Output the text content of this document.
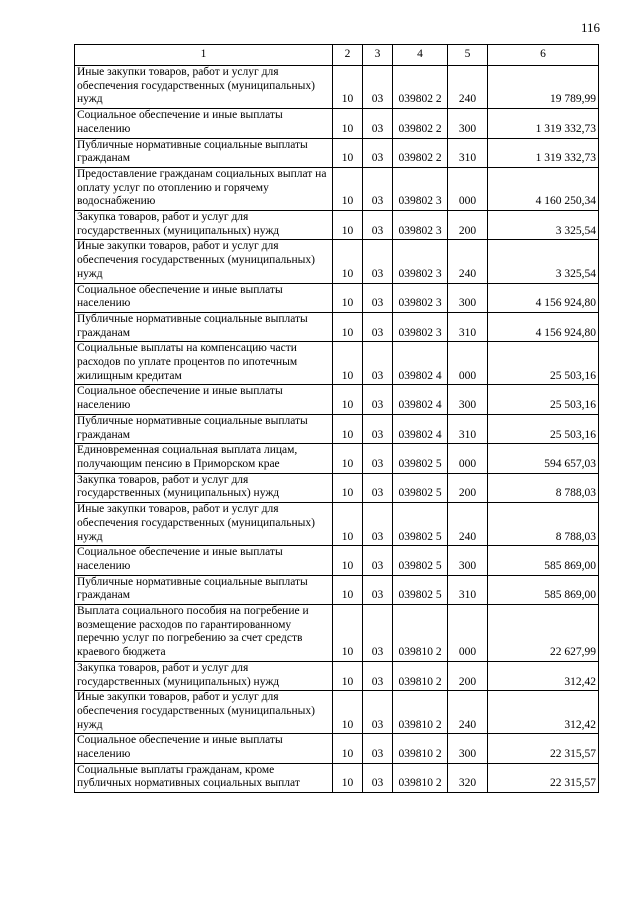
116
1	2	3	4	5	6
Иные закупки товаров, работ и услуг для обеспечения государственных (муниципальных) нужд	10	03	039802 2	240	19 789,99
Социальное обеспечение и иные выплаты населению	10	03	039802 2	300	1 319 332,73
Публичные нормативные социальные выплаты гражданам	10	03	039802 2	310	1 319 332,73
Предоставление гражданам социальных выплат на оплату услуг по отоплению и горячему водоснабжению	10	03	039802 3	000	4 160 250,34
Закупка товаров, работ и услуг для государственных (муниципальных) нужд	10	03	039802 3	200	3 325,54
Иные закупки товаров, работ и услуг для обеспечения государственных (муниципальных) нужд	10	03	039802 3	240	3 325,54
Социальное обеспечение и иные выплаты населению	10	03	039802 3	300	4 156 924,80
Публичные нормативные социальные выплаты гражданам	10	03	039802 3	310	4 156 924,80
Социальные выплаты на компенсацию части расходов по уплате процентов по ипотечным жилищным кредитам	10	03	039802 4	000	25 503,16
Социальное обеспечение и иные выплаты населению	10	03	039802 4	300	25 503,16
Публичные нормативные социальные выплаты гражданам	10	03	039802 4	310	25 503,16
Единовременная социальная выплата лицам, получающим пенсию в Приморском крае	10	03	039802 5	000	594 657,03
Закупка товаров, работ и услуг для государственных (муниципальных) нужд	10	03	039802 5	200	8 788,03
Иные закупки товаров, работ и услуг для обеспечения государственных (муниципальных) нужд	10	03	039802 5	240	8 788,03
Социальное обеспечение и иные выплаты населению	10	03	039802 5	300	585 869,00
Публичные нормативные социальные выплаты гражданам	10	03	039802 5	310	585 869,00
Выплата социального пособия на погребение и возмещение расходов по гарантированному перечню услуг по погребению за счет средств краевого бюджета	10	03	039810 2	000	22 627,99
Закупка товаров, работ и услуг для государственных (муниципальных) нужд	10	03	039810 2	200	312,42
Иные закупки товаров, работ и услуг для обеспечения государственных (муниципальных) нужд	10	03	039810 2	240	312,42
Социальное обеспечение и иные выплаты населению	10	03	039810 2	300	22 315,57
Социальные выплаты гражданам, кроме публичных нормативных социальных выплат	10	03	039810 2	320	22 315,57
